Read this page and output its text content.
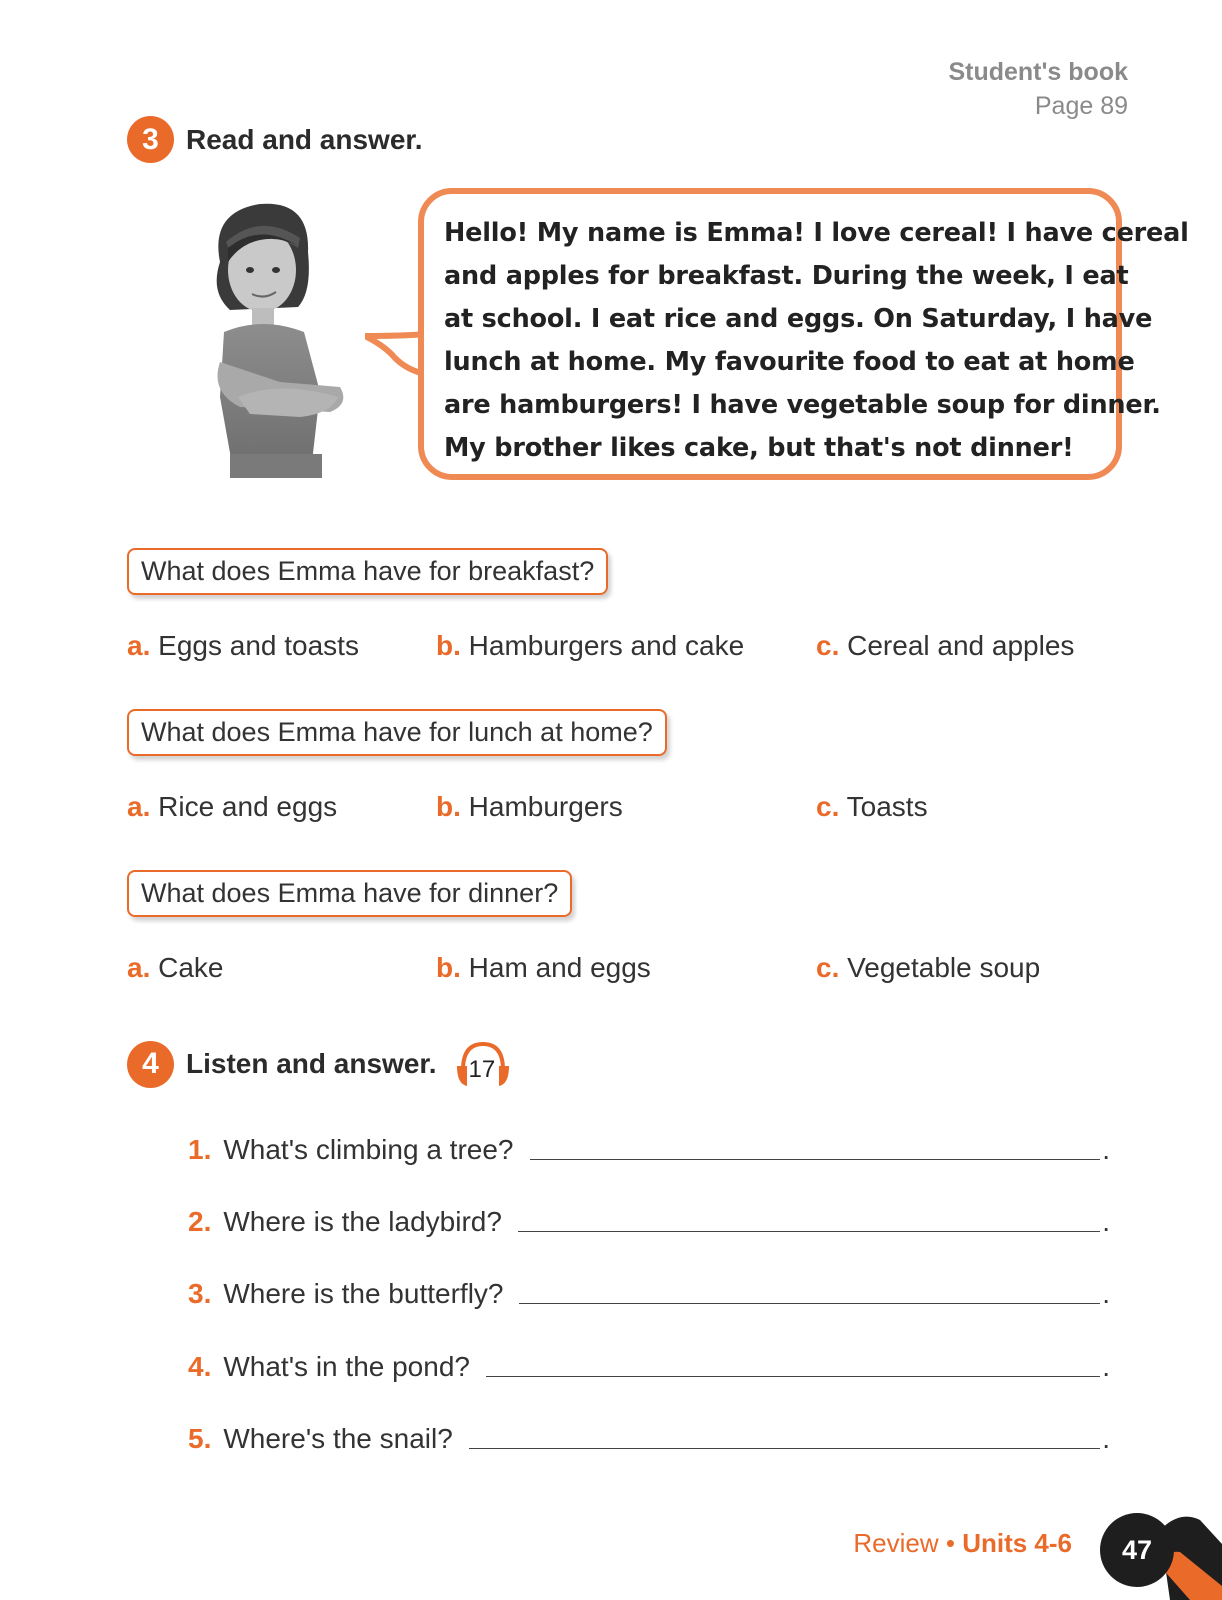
Student's book
Page 89
3 Read and answer.

Hello! My name is Emma! I love cereal! I have cereal

and apples for breakfast. During the week, I eat

at school. I eat rice and eggs. On Saturday, I have

lunch at home. My favourite food to eat at home

are hamburgers! I have vegetable soup for dinner.

My brother likes cake, but that's not dinner!

What does Emma have for breakfast?
a. Eggs and toasts	b. Hamburgers and cake	c. Cereal and apples
What does Emma have for lunch at home?
a. Rice and eggs	b. Hamburgers	c. Toasts
What does Emma have for dinner?
a. Cake	b. Ham and eggs	c. Vegetable soup
4 Listen and answer. 17
1. What's climbing a tree?	.
2. Where is the ladybird?	.
3. Where is the butterfly?	.
4. What's in the pond?	.
5. Where's the snail?	.
Review • Units 4-6	47
